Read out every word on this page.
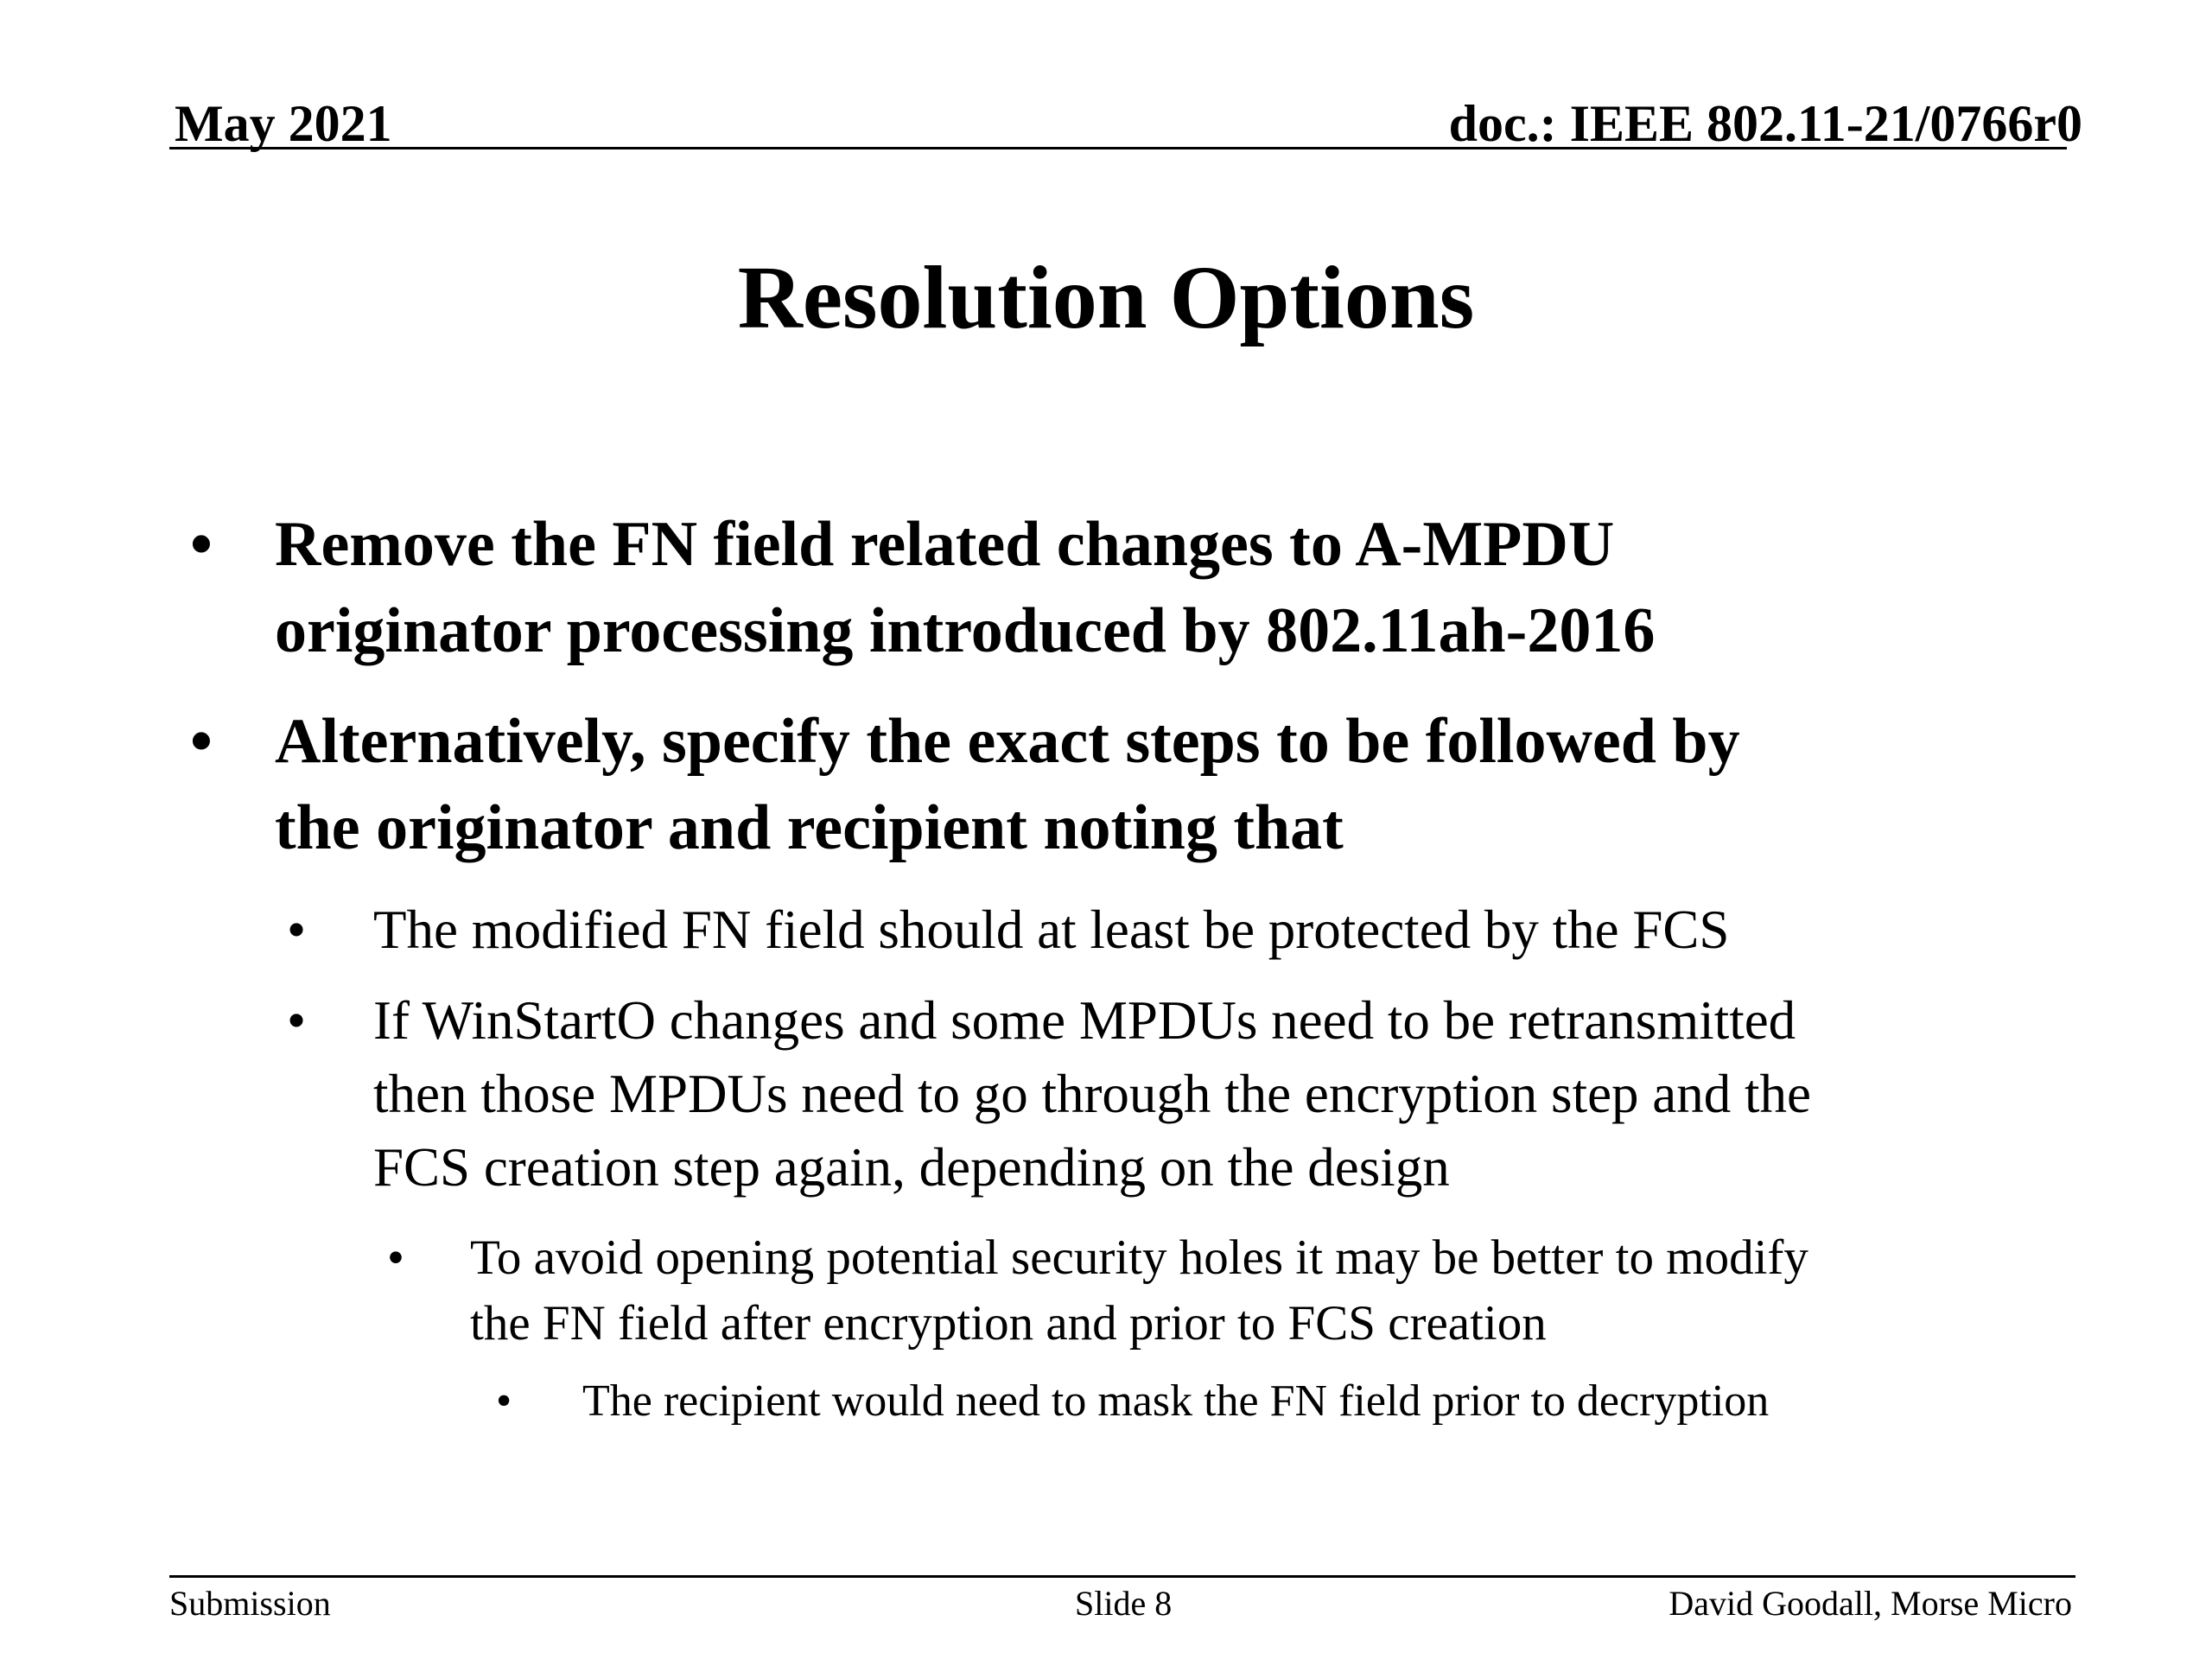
May 2021	doc.: IEEE 802.11-21/0766r0
Resolution Options
• Remove the FN field related changes to A-MPDU
originator processing introduced by 802.11ah-2016
• Alternatively, specify the exact steps to be followed by
the originator and recipient noting that
• The modified FN field should at least be protected by the FCS
• If WinStartO changes and some MPDUs need to be retransmitted
then those MPDUs need to go through the encryption step and the
FCS creation step again, depending on the design
• To avoid opening potential security holes it may be better to modify
the FN field after encryption and prior to FCS creation
• The recipient would need to mask the FN field prior to decryption
Submission	Slide 8	David Goodall, Morse Micro
